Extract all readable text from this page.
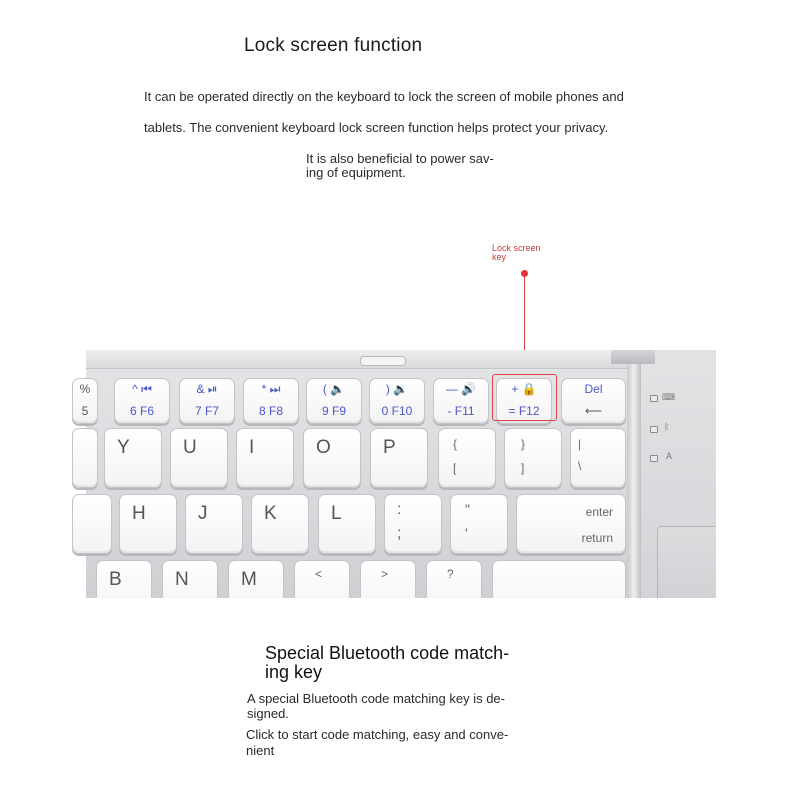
Lock screen function
It can be operated directly on the keyboard to lock the screen of mobile phones and
tablets. The convenient keyboard lock screen function helps protect your privacy.
It is also beneficial to power sav-
ing of equipment.
Lock screen
key
%
5
^ ⏮
6 F6
& ⏯
7 F7
* ⏭
8 F8
( 🔈
9 F9
) 🔉
0 F10
— 🔊
- F11
+ 🔒
= F12
Del
⟵
Y	U	I	O	P	{
[
}
]
|
\
H	J	K	L	:
;
"
'
enter
return
B	N	M	<	>	?
⌨
ᛒ
A
Special Bluetooth code match-
ing key
A special Bluetooth code matching key is de-
signed.
Click to start code matching, easy and conve-
nient
